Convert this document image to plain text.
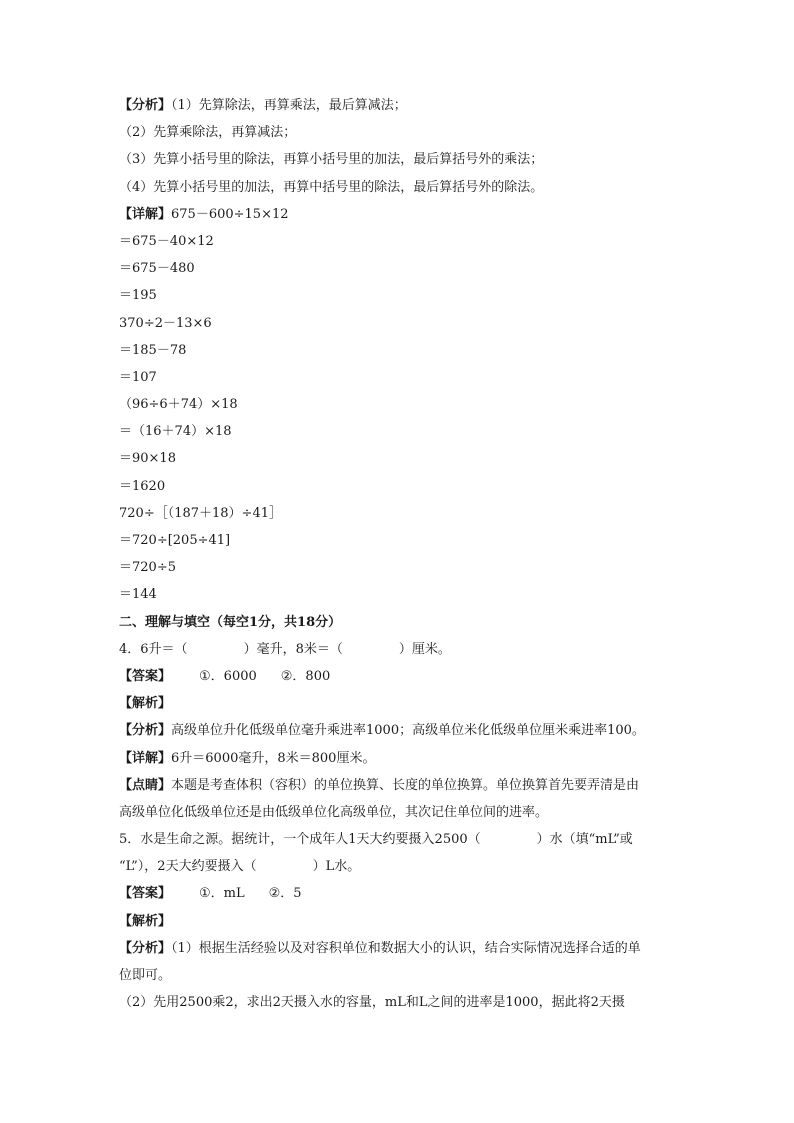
【分析】（1）先算除法，再算乘法，最后算减法；
（2）先算乘除法，再算减法；
（3）先算小括号里的除法，再算小括号里的加法，最后算括号外的乘法；
（4）先算小括号里的加法，再算中括号里的除法，最后算括号外的除法。
【详解】675－600÷15×12
＝675－40×12
＝675－480
＝195
370÷2－13×6
＝185－78
＝107
（96÷6＋74）×18
＝（16＋74）×18
＝90×18
＝1620
720÷［（187＋18）÷41］
＝720÷[205÷41]
＝720÷5
＝144
二、理解与填空（每空1分，共18分）
4．6升＝（	）毫升，8米＝（	）厘米。
【答案】 ①．6000 ②．800
【解析】
【分析】高级单位升化低级单位毫升乘进率1000；高级单位米化低级单位厘米乘进率100。
【详解】6升＝6000毫升，8米＝800厘米。
【点睛】本题是考查体积（容积）的单位换算、长度的单位换算。单位换算首先要弄清是由
高级单位化低级单位还是由低级单位化高级单位，其次记住单位间的进率。
5．水是生命之源。据统计，一个成年人1天大约要摄入2500（	）水（填“mL”或
“L”），2天大约要摄入（	）L水。
【答案】 ①．mL ②．5
【解析】
【分析】（1）根据生活经验以及对容积单位和数据大小的认识，结合实际情况选择合适的单
位即可。
（2）先用2500乘2，求出2天摄入水的容量，mL和L之间的进率是1000，据此将2天摄
